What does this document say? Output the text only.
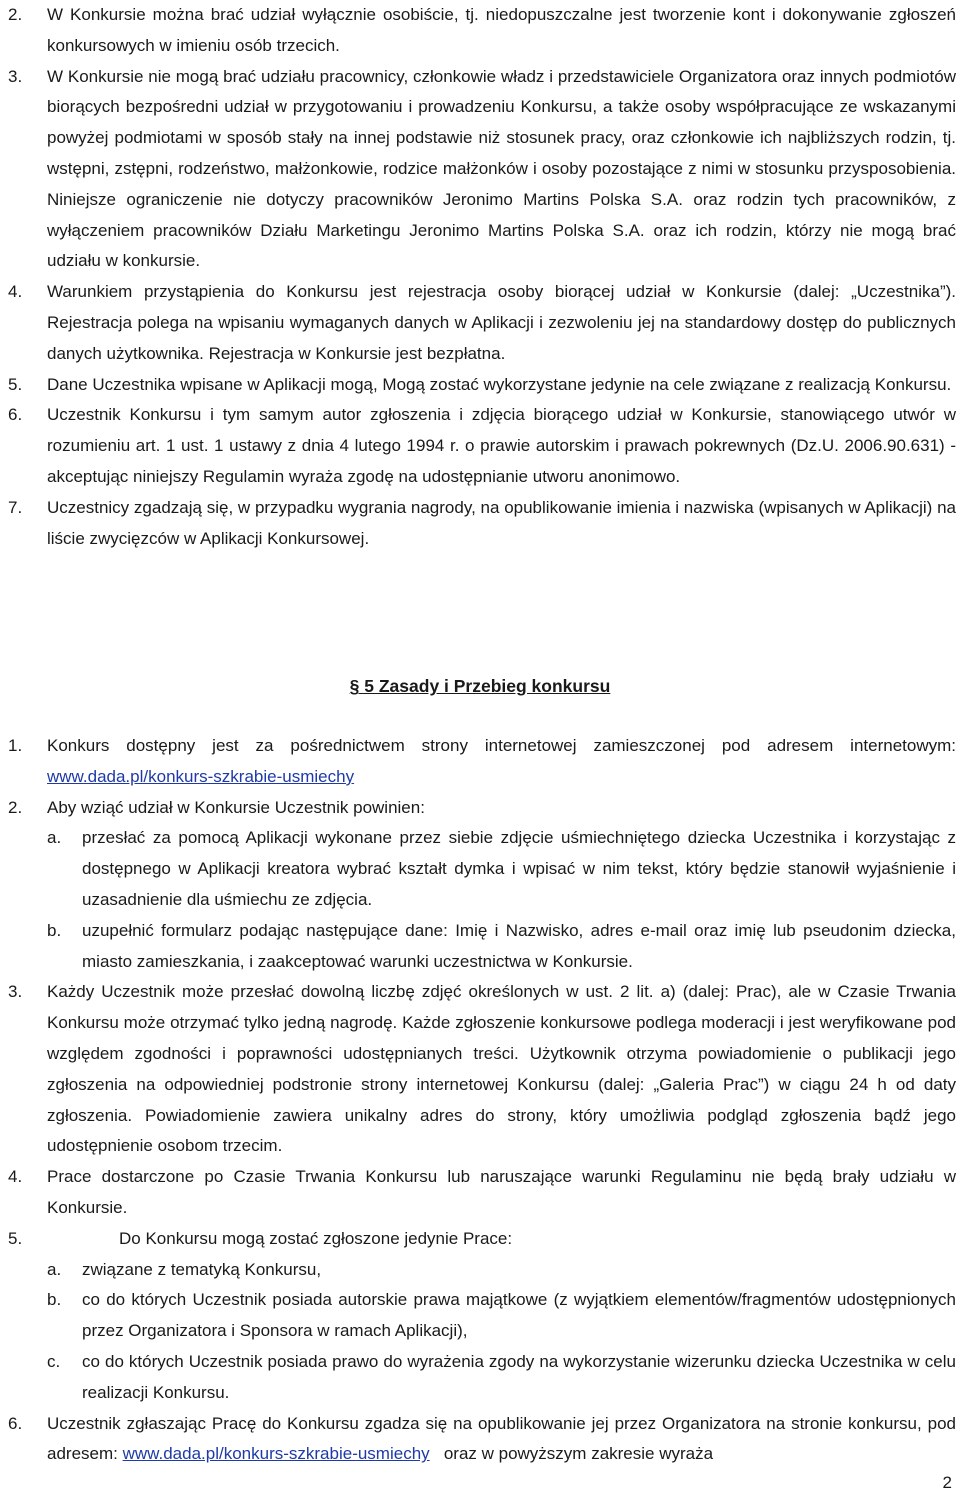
2. W Konkursie można brać udział wyłącznie osobiście, tj. niedopuszczalne jest tworzenie kont i dokonywanie zgłoszeń konkursowych w imieniu osób trzecich.
3. W Konkursie nie mogą brać udziału pracownicy, członkowie władz i przedstawiciele Organizatora oraz innych podmiotów biorących bezpośredni udział w przygotowaniu i prowadzeniu Konkursu, a także osoby współpracujące ze wskazanymi powyżej podmiotami w sposób stały na innej podstawie niż stosunek pracy, oraz członkowie ich najbliższych rodzin, tj. wstępni, zstępni, rodzeństwo, małżonkowie, rodzice małżonków i osoby pozostające z nimi w stosunku przysposobienia. Niniejsze ograniczenie nie dotyczy pracowników Jeronimo Martins Polska S.A. oraz rodzin tych pracowników, z wyłączeniem pracowników Działu Marketingu Jeronimo Martins Polska S.A. oraz ich rodzin, którzy nie mogą brać udziału w konkursie.
4. Warunkiem przystąpienia do Konkursu jest rejestracja osoby biorącej udział w Konkursie (dalej: „Uczestnika”). Rejestracja polega na wpisaniu wymaganych danych w Aplikacji i zezwoleniu jej na standardowy dostęp do publicznych danych użytkownika. Rejestracja w Konkursie jest bezpłatna.
5. Dane Uczestnika wpisane w Aplikacji mogą, Mogą zostać wykorzystane jedynie na cele związane z realizacją Konkursu.
6. Uczestnik Konkursu i tym samym autor zgłoszenia i zdjęcia biorącego udział w Konkursie, stanowiącego utwór w rozumieniu art. 1 ust. 1 ustawy z dnia 4 lutego 1994 r. o prawie autorskim i prawach pokrewnych (Dz.U. 2006.90.631) - akceptując niniejszy Regulamin wyraża zgodę na udostępnianie utworu anonimowo.
7. Uczestnicy zgadzają się, w przypadku wygrania nagrody, na opublikowanie imienia i nazwiska (wpisanych w Aplikacji) na liście zwycięzców w Aplikacji Konkursowej.
§ 5 Zasady i Przebieg konkursu
1. Konkurs dostępny jest za pośrednictwem strony internetowej zamieszczonej pod adresem internetowym: www.dada.pl/konkurs-szkrabie-usmiechy
2. Aby wziąć udział w Konkursie Uczestnik powinien:
a. przesłać za pomocą Aplikacji wykonane przez siebie zdjęcie uśmiechniętego dziecka Uczestnika i korzystając z dostępnego w Aplikacji kreatora wybrać kształt dymka i wpisać w nim tekst, który będzie stanowił wyjaśnienie i uzasadnienie dla uśmiechu ze zdjęcia.
b. uzupełnić formularz podając następujące dane: Imię i Nazwisko, adres e-mail oraz imię lub pseudonim dziecka, miasto zamieszkania, i zaakceptować warunki uczestnictwa w Konkursie.
3. Każdy Uczestnik może przesłać dowolną liczbę zdjęć określonych w ust. 2 lit. a) (dalej: Prac), ale w Czasie Trwania Konkursu może otrzymać tylko jedną nagrodę. Każde zgłoszenie konkursowe podlega moderacji i jest weryfikowane pod względem zgodności i poprawności udostępnianych treści. Użytkownik otrzyma powiadomienie o publikacji jego zgłoszenia na odpowiedniej podstronie strony internetowej Konkursu (dalej: „Galeria Prac”) w ciągu 24 h od daty zgłoszenia. Powiadomienie zawiera unikalny adres do strony, który umożliwia podgląd zgłoszenia bądź jego udostępnienie osobom trzecim.
4. Prace dostarczone po Czasie Trwania Konkursu lub naruszające warunki Regulaminu nie będą brały udziału w Konkursie.
5.	Do Konkursu mogą zostać zgłoszone jedynie Prace:
a. związane z tematyką Konkursu,
b. co do których Uczestnik posiada autorskie prawa majątkowe (z wyjątkiem elementów/fragmentów udostępnionych przez Organizatora i Sponsora w ramach Aplikacji),
c. co do których Uczestnik posiada prawo do wyrażenia zgody na wykorzystanie wizerunku dziecka Uczestnika w celu realizacji Konkursu.
6. Uczestnik zgłaszając Pracę do Konkursu zgadza się na opublikowanie jej przez Organizatora na stronie konkursu, pod adresem: www.dada.pl/konkurs-szkrabie-usmiechy   oraz w powyższym zakresie wyraża
2
